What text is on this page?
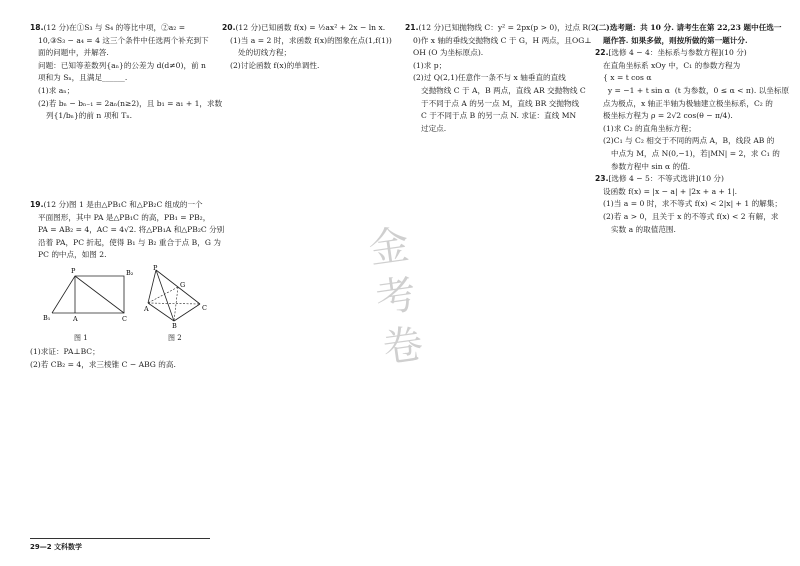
18.(12 分)在①S₃ 与 S₄ 的等比中项，②a₂ =
10,③S₃ − a₄ = 4 这三个条件中任选两个补充到下
面的问题中，并解答.
问题：已知等差数列{aₙ}的公差为 d(d≠0)，前 n
项和为 Sₙ，且满足______.
(1)求 aₙ；
(2)若 bₙ − bₙ₋₁ = 2aₙ(n≥2)，且 b₁ = a₁ + 1，求数
列{1/bₙ}的前 n 项和 Tₙ.
19.(12 分)图 1 是由△PB₁C 和△PB₂C 组成的一个
平面图形，其中 PA 是△PB₁C 的高，PB₁ = PB₂，
PA = AB₂ = 4，AC = 4√2. 将△PB₁A 和△PB₂C 分别
沿着 PA，PC 折起，使得 B₁ 与 B₂ 重合于点 B，G 为
PC 的中点，如图 2.
P	B₂
B₁	A	C
P
G
A	C
B
图 1	图 2
(1)求证：PA⊥BC；
(2)若 CB₂ = 4，求三棱锥 C − ABG 的高.
20.(12 分)已知函数 f(x) = ½ax² + 2x − ln x.
(1)当 a = 2 时，求函数 f(x)的图象在点(1,f(1))
处的切线方程；
(2)讨论函数 f(x)的单调性.
21.(12 分)已知抛物线 C：y² = 2px(p > 0)，过点 R(2,
0)作 x 轴的垂线交抛物线 C 于 G，H 两点，且OG⊥
OH (O 为坐标原点).
(1)求 p；
(2)过 Q(2,1)任意作一条不与 x 轴垂直的直线
交抛物线 C 于 A，B 两点，直线 AR 交抛物线 C
于不同于点 A 的另一点 M，直线 BR 交抛物线
C 于不同于点 B 的另一点 N. 求证：直线 MN
过定点.
(二)选考题：共 10 分. 请考生在第 22,23 题中任选一
题作答. 如果多做，则按所做的第一题计分.
22.[选修 4 − 4：坐标系与参数方程](10 分)
在直角坐标系 xOy 中，C₁ 的参数方程为
{ x = t cos α
y = −1 + t sin α  (t 为参数，0 ≤ α < π). 以坐标原
点为极点，x 轴正半轴为极轴建立极坐标系，C₂ 的
极坐标方程为 ρ = 2√2 cos(θ − π/4).
(1)求 C₂ 的直角坐标方程；
(2)C₁ 与 C₂ 相交于不同的两点 A，B，线段 AB 的
中点为 M，点 N(0,−1)，若|MN| = 2，求 C₁ 的
参数方程中 sin α 的值.
23.[选修 4 − 5：不等式选讲](10 分)
设函数 f(x) = |x − a| + |2x + a + 1|.
(1)当 a = 0 时，求不等式 f(x) < 2|x| + 1 的解集；
(2)若 a > 0，且关于 x 的不等式 f(x) < 2 有解，求
实数 a 的取值范围.
金
考
卷
29—2 文科数学
